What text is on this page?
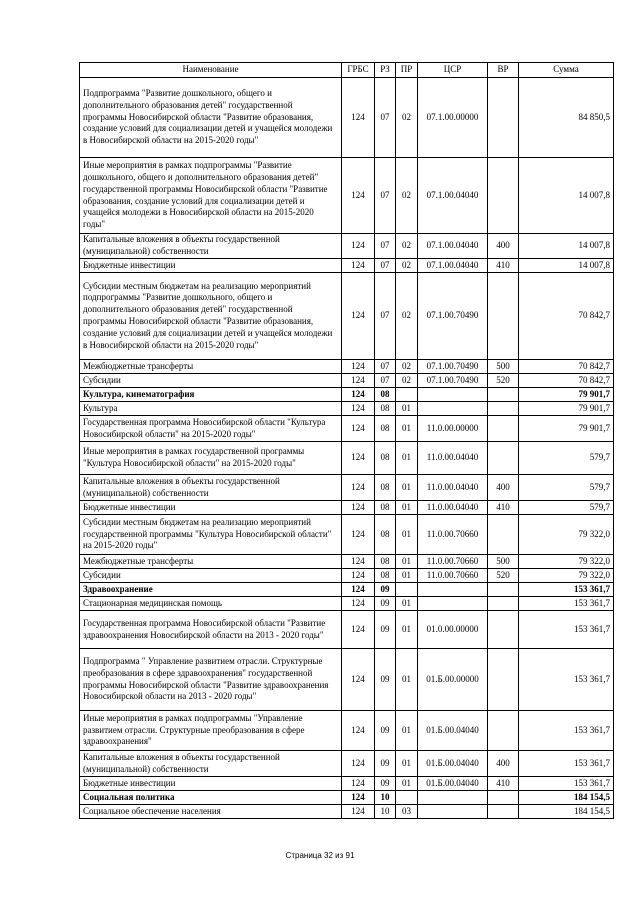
Наименование	ГРБС	РЗ	ПР	ЦСР	ВР	Сумма
Подпрограмма "Развитие дошкольного, общего и дополнительного образования детей" государственной программы Новосибирской области "Развитие образования, создание условий для социализации детей и учащейся молодежи в Новосибирской области на 2015-2020 годы"	124	07	02	07.1.00.00000		84 850,5
Иные мероприятия в рамках подпрограммы "Развитие дошкольного, общего и дополнительного образования детей" государственной программы Новосибирской области "Развитие образования, создание условий для социализации детей и учащейся молодежи в Новосибирской области на 2015-2020 годы"	124	07	02	07.1.00.04040		14 007,8
Капитальные вложения в объекты государственной (муниципальной) собственности	124	07	02	07.1.00.04040	400	14 007,8
Бюджетные инвестиции	124	07	02	07.1.00.04040	410	14 007,8
Субсидии местным бюджетам на реализацию мероприятий подпрограммы "Развитие дошкольного, общего и дополнительного образования детей" государственной программы Новосибирской области "Развитие образования, создание условий для социализации детей и учащейся молодежи в Новосибирской области на 2015-2020 годы"	124	07	02	07.1.00.70490		70 842,7
Межбюджетные трансферты	124	07	02	07.1.00.70490	500	70 842,7
Субсидии	124	07	02	07.1.00.70490	520	70 842,7
Культура, кинематография	124	08				79 901,7
Культура	124	08	01			79 901,7
Государственная программа Новосибирской области "Культура Новосибирской области" на 2015-2020 годы"	124	08	01	11.0.00.00000		79 901,7
Иные мероприятия в рамках государственной программы "Культура Новосибирской области" на 2015-2020 годы"	124	08	01	11.0.00.04040		579,7
Капитальные вложения в объекты государственной (муниципальной) собственности	124	08	01	11.0.00.04040	400	579,7
Бюджетные инвестиции	124	08	01	11.0.00.04040	410	579,7
Субсидии местным бюджетам на реализацию мероприятий государственной программы "Культура Новосибирской области" на 2015-2020 годы"	124	08	01	11.0.00.70660		79 322,0
Межбюджетные трансферты	124	08	01	11.0.00.70660	500	79 322,0
Субсидии	124	08	01	11.0.00.70660	520	79 322,0
Здравоохранение	124	09				153 361,7
Стационарная медицинская помощь	124	09	01			153 361,7
Государственная программа Новосибирской области "Развитие здравоохранения Новосибирской области на 2013 - 2020 годы"	124	09	01	01.0.00.00000		153 361,7
Подпрограмма " Управление развитием отрасли. Структурные преобразования в сфере здравоохранения" государственной программы Новосибирской области "Развитие здравоохранения Новосибирской области на 2013 - 2020 годы"	124	09	01	01.Б.00.00000		153 361,7
Иные мероприятия в рамках подпрограммы "Управление развитием отрасли. Структурные преобразования в сфере здравоохранения"	124	09	01	01.Б.00.04040		153 361,7
Капитальные вложения в объекты государственной (муниципальной) собственности	124	09	01	01.Б.00.04040	400	153 361,7
Бюджетные инвестиции	124	09	01	01.Б.00.04040	410	153 361,7
Социальная политика	124	10				184 154,5
Социальное обеспечение населения	124	10	03			184 154,5
Страница 32 из 91
